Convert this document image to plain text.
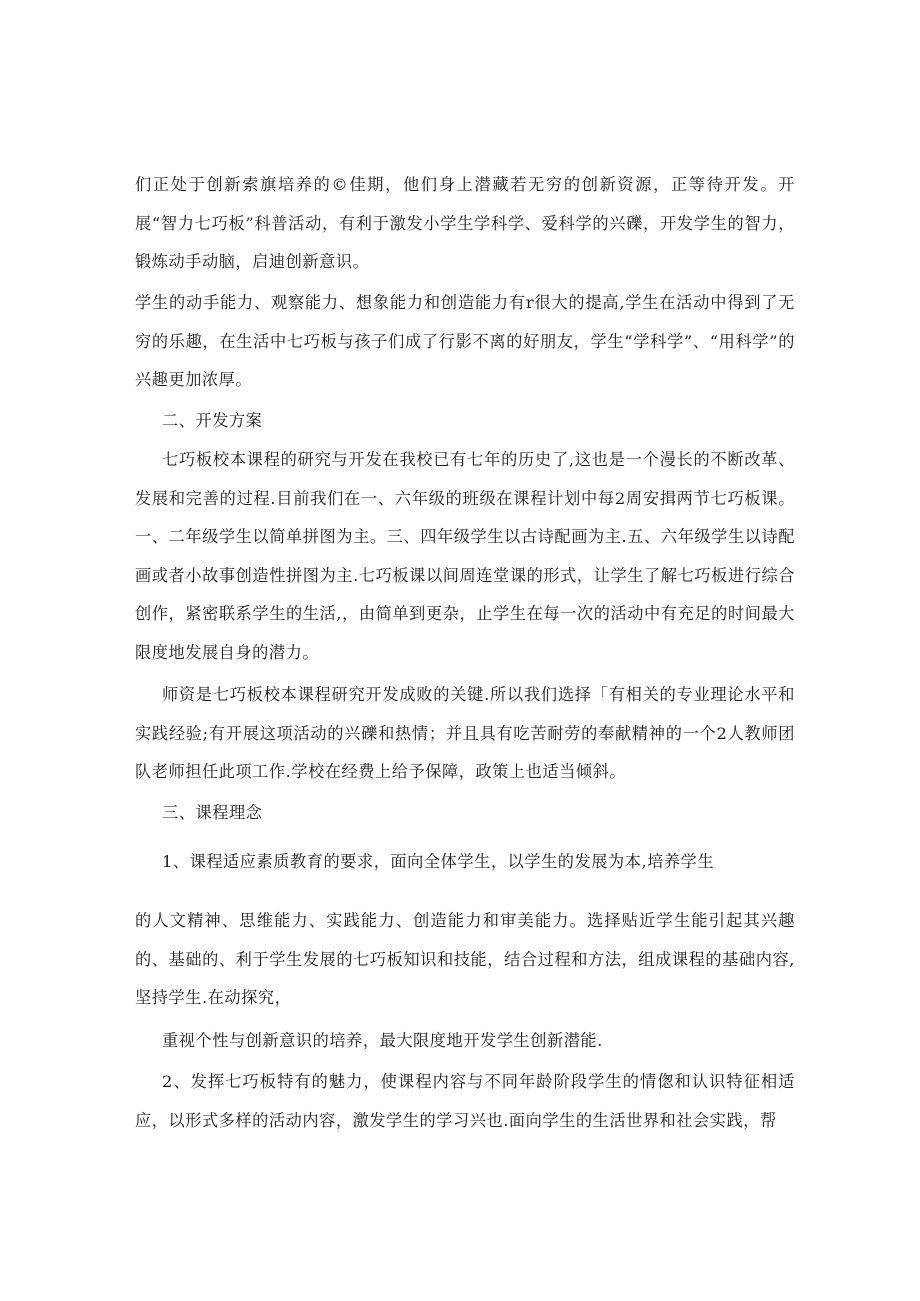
们正处于创新索旗培养的©佳期，他们身上潜藏若无穷的创新资源，正等待开发。开展“智力七巧板”科普活动，有利于激发小学生学科学、爱科学的兴礫，开发学生的智力，锻炼动手动脑，启迪创新意识。

学生的动手能力、观察能力、想象能力和创造能力有r很大的提高,学生在活动中得到了无穷的乐趣，在生活中七巧板与孩子们成了行影不离的好朋友，学生“学科学”、“用科学”的兴趣更加浓厚。

二、开发方案

七巧板校本课程的研究与开发在我校已有七年的历史了,这也是一个漫长的不断改革、发展和完善的过程.目前我们在一、六年级的班级在课程计划中每2周安揖两节七巧板课。一、二年级学生以简单拼图为主。三、四年级学生以古诗配画为主.五、六年级学生以诗配画或者小故事创造性拼图为主.七巧板课以间周连堂课的形式，让学生了解七巧板进行综合创作，紧密联系学生的生活,，由简单到更杂，止学生在每一次的活动中有充足的时间最大限度地发展自身的潜力。

师资是七巧板校本课程研究开发成败的关键.所以我们选择「有相关的专业理论水平和实践经验;有开展这项活动的兴礫和热情；并且具有吃苦耐劳的奉献精神的一个2人教师团队老师担任此项工作.学校在经费上给予保障，政策上也适当倾斜。

三、课程理念

1、课程适应素质教育的要求，面向全体学生，以学生的发展为本,培养学生

的人文精神、思维能力、实践能力、创造能力和审美能力。选择贴近学生能引起其兴趣的、基础的、利于学生发展的七巧板知识和技能，结合过程和方法，组成课程的基础内容,坚持学生.在动探究，

重视个性与创新意识的培养，最大限度地开发学生创新潜能.

2、发挥七巧板特有的魅力，使课程内容与不同年龄阶段学生的情偬和认识特征相适应，以形式多样的活动内容，激发学生的学习兴也.面向学生的生活世界和社会实践，帮
